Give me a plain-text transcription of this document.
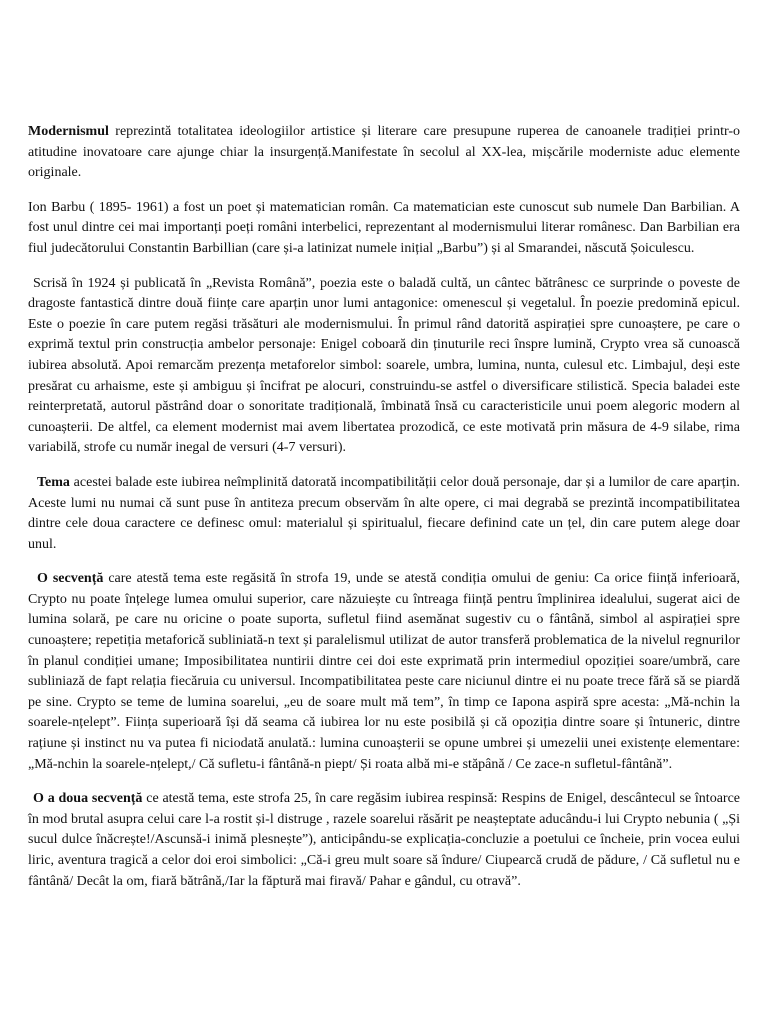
Modernismul reprezintă totalitatea ideologiilor artistice și literare care presupune ruperea de canoanele tradiției printr-o atitudine inovatoare care ajunge chiar la insurgență.Manifestate în secolul al XX-lea, mișcările moderniste aduc elemente originale.

Ion Barbu ( 1895- 1961) a fost un poet și matematician român. Ca matematician este cunoscut sub numele Dan Barbilian. A fost unul dintre cei mai importanți poeți români interbelici, reprezentant al modernismului literar românesc. Dan Barbilian era fiul judecătorului Constantin Barbillian (care și-a latinizat numele inițial „Barbu”) și al Smarandei, născută Șoiculescu.

Scrisă în 1924 și publicată în „Revista Română”, poezia este o baladă cultă, un cântec bătrânesc ce surprinde o poveste de dragoste fantastică dintre două ființe care aparțin unor lumi antagonice: omenescul și vegetalul. În poezie predomină epicul. Este o poezie în care putem regăsi trăsături ale modernismului. În primul rând datorită aspirației spre cunoaștere, pe care o exprimă textul prin construcția ambelor personaje: Enigel coboară din ținuturile reci înspre lumină, Crypto vrea să cunoască iubirea absolută. Apoi remarcăm prezența metaforelor simbol: soarele, umbra, lumina, nunta, culesul etc. Limbajul, deși este presărat cu arhaisme, este și ambiguu și încifrat pe alocuri, construindu-se astfel o diversificare stilistică. Specia baladei este reinterpretată, autorul păstrând doar o sonoritate tradițională, îmbinată însă cu caracteristicile unui poem alegoric modern al cunoașterii. De altfel, ca element modernist mai avem libertatea prozodică, ce este motivată prin măsura de 4-9 silabe, rima variabilă, strofe cu număr inegal de versuri (4-7 versuri).

Tema acestei balade este iubirea neîmplinită datorată incompatibilității celor două personaje, dar și a lumilor de care aparțin. Aceste lumi nu numai că sunt puse în antiteza precum observăm în alte opere, ci mai degrabă se prezintă incompatibilitatea dintre cele doua caractere ce definesc omul: materialul și spiritualul, fiecare definind cate un țel, din care putem alege doar unul.

O secvență care atestă tema este regăsită în strofa 19, unde se atestă condiția omului de geniu: Ca orice ființă inferioară, Crypto nu poate înțelege lumea omului superior, care năzuiește cu întreaga ființă pentru împlinirea idealului, sugerat aici de lumina solară, pe care nu oricine o poate suporta, sufletul fiind asemănat sugestiv cu o fântână, simbol al aspirației spre cunoaștere; repetiția metaforică subliniată-n text și paralelismul utilizat de autor transferă problematica de la nivelul regnurilor în planul condiției umane; Imposibilitatea nuntirii dintre cei doi este exprimată prin intermediul opoziției soare/umbră, care subliniază de fapt relația fiecăruia cu universul. Incompatibilitatea peste care niciunul dintre ei nu poate trece fără să se piardă pe sine. Crypto se teme de lumina soarelui, „eu de soare mult mă tem”, în timp ce Iapona aspiră spre acesta: „Mă-nchin la soarele-nțelept”. Ființa superioară își dă seama că iubirea lor nu este posibilă și că opoziția dintre soare și întuneric, dintre rațiune și instinct nu va putea fi niciodată anulată.: lumina cunoașterii se opune umbrei și umezelii unei existențe elementare: „Mă-nchin la soarele-nțelept,/ Că sufletu-i fântână-n piept/ Și roata albă mi-e stăpână / Ce zace-n sufletul-fântână”.

O a doua secvență ce atestă tema, este strofa 25, în care regăsim iubirea respinsă: Respins de Enigel, descântecul se întoarce în mod brutal asupra celui care l-a rostit și-l distruge , razele soarelui răsărit pe neașteptate aducându-i lui Crypto nebunia ( „Și sucul dulce înăcrește!/Ascunsă-i inimă plesnește”), anticipându-se explicația-concluzie a poetului ce încheie, prin vocea eului liric, aventura tragică a celor doi eroi simbolici: „Că-i greu mult soare să îndure/ Ciupearcă crudă de pădure, / Că sufletul nu e fântână/ Decât la om, fiară bătrână,/Iar la făptură mai firavă/ Pahar e gândul, cu otravă”.
